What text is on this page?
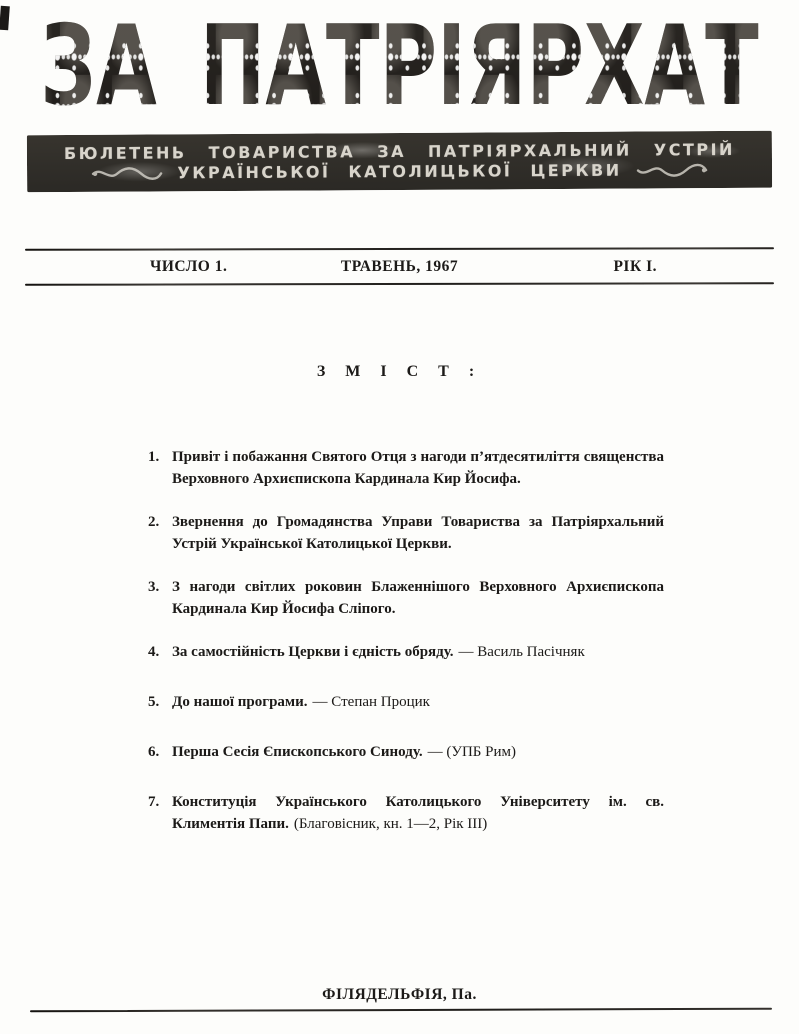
ЗА ПАТРІЯРХАТ
БЮЛЕТЕНЬ ТОВАРИСТВА ЗА ПАТРІЯРХАЛЬНИЙ УСТРІЙ
УКРАЇНСЬКОЇ КАТОЛИЦЬКОЇ ЦЕРКВИ
ЧИСЛО 1.	ТРАВЕНЬ, 1967	РІК І.
З М І С Т :
1. Привіт і побажання Святого Отця з нагоди п’ятдесятиліття священства Верховного Архиєпископа Кардинала Кир Йосифа.
2. Звернення до Громадянства Управи Товариства за Патріярхальний Устрій Української Католицької Церкви.
3. З нагоди світлих роковин Блаженнішого Верховного Архиєпископа Кардинала Кир Йосифа Сліпого.
4. За самостійність Церкви і єдність обряду. — Василь Пасічняк
5. До нашої програми. — Степан Процик
6. Перша Сесія Єпископського Синоду. — (УПБ Рим)
7. Конституція Українського Католицького Університету ім. св. Климентія Папи. (Благовісник, кн. 1—2, Рік ІІІ)
ФІЛЯДЕЛЬФІЯ, Па.
